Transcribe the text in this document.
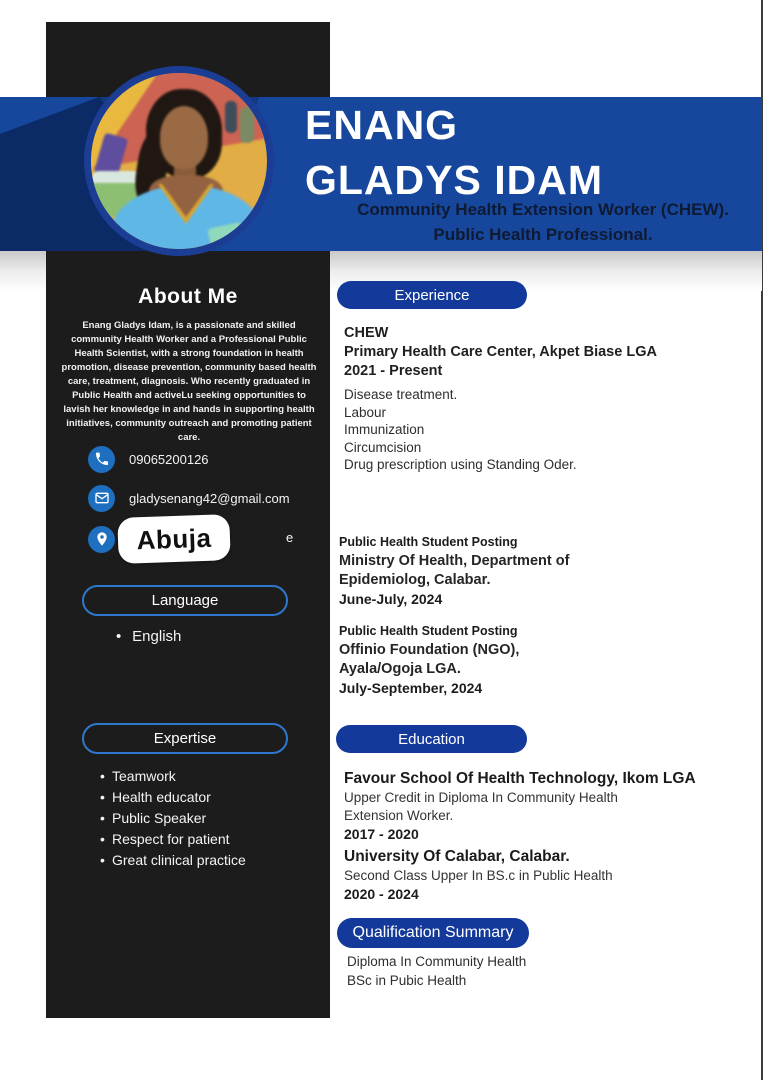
About Me
Enang Gladys Idam, is a passionate and skilled community Health Worker and a Professional Public Health Scientist, with a strong foundation in health promotion, disease prevention, community based health care, treatment, diagnosis. Who recently graduated in Public Health and activeLu seeking opportunities to lavish her knowledge in and hands in supporting health initiatives, community outreach and promoting patient care.
09065200126
gladysenang42@gmail.com
e
Abuja
Language
• English
Expertise
• Teamwork
• Health educator
• Public Speaker
• Respect for patient
• Great clinical practice
ENANG
GLADYS IDAM
Community Health Extension Worker (CHEW).
Public Health Professional.
Experience
CHEW
Primary Health Care Center, Akpet Biase LGA
2021 - Present
Disease treatment.
Labour
Immunization
Circumcision
Drug prescription using Standing Oder.
Public Health Student Posting
Ministry Of Health, Department of
Epidemiolog, Calabar.
June-July, 2024
Public Health Student Posting
Offinio Foundation (NGO),
Ayala/Ogoja LGA.
July-September, 2024
Education
Favour School Of Health Technology, Ikom LGA
Upper Credit in Diploma In Community Health
Extension Worker.
2017 - 2020
University Of Calabar, Calabar.
Second Class Upper In BS.c in Public Health
2020 - 2024
Qualification Summary
Diploma In Community Health
BSc in Pubic Health
